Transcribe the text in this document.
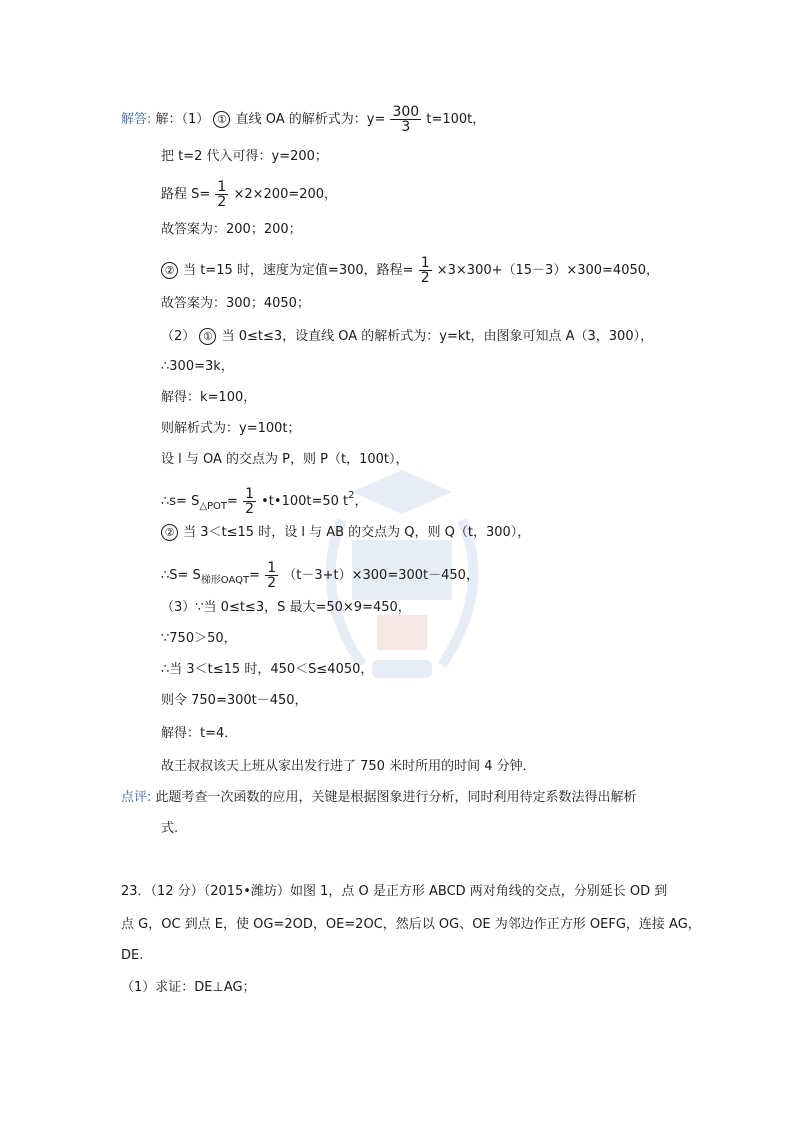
解答: 解：（1） ① 直线 OA 的解析式为：$y= \frac{300}{3} t=100t$，
把 t=2 代入可得：y=200；
路程 $S= \frac{1}{2} \times 2\times 200=200$，
故答案为：200；200；
② 当 t=15 时，速度为定值=300，路程= $\frac{1}{2} \times 3\times 300+(15-3)\times 300=4050$，
故答案为：300；4050；
（2） ① 当 0≤t≤3，设直线 OA 的解析式为：y=kt，由图象可知点 A（3，300），
∴300=3k，
解得：k=100，
则解析式为：y=100t；
设 l 与 OA 的交点为 P，则 P（t，100t），
∴s= $S_{\triangle POT}= \frac{1}{2}$ •t•100t=50 $t^2$，
② 当 3＜t≤15 时，设 l 与 AB 的交点为 Q，则 Q（t，300），
∴S= $S_{梯形OAQT}= \frac{1}{2} (t-3+t)\times 300=300t-450$，
（3）∵当 0≤t≤3，S 最大=50×9=450，
∵750＞50，
∴当 3＜t≤15 时，450＜S≤4050，
则令 750=300t－450，
解得：t=4．
故王叔叔该天上班从家出发行进了 750 米时所用的时间 4 分钟．
点评: 此题考查一次函数的应用，关键是根据图象进行分析，同时利用待定系数法得出解析
式.
23．（12 分）（2015•潍坊）如图 1，点 O 是正方形 ABCD 两对角线的交点，分别延长 OD 到
点 G，OC 到点 E，使 OG=2OD，OE=2OC，然后以 OG、OE 为邻边作正方形 OEFG，连接 AG，
DE.
（1）求证：DE⊥AG；
